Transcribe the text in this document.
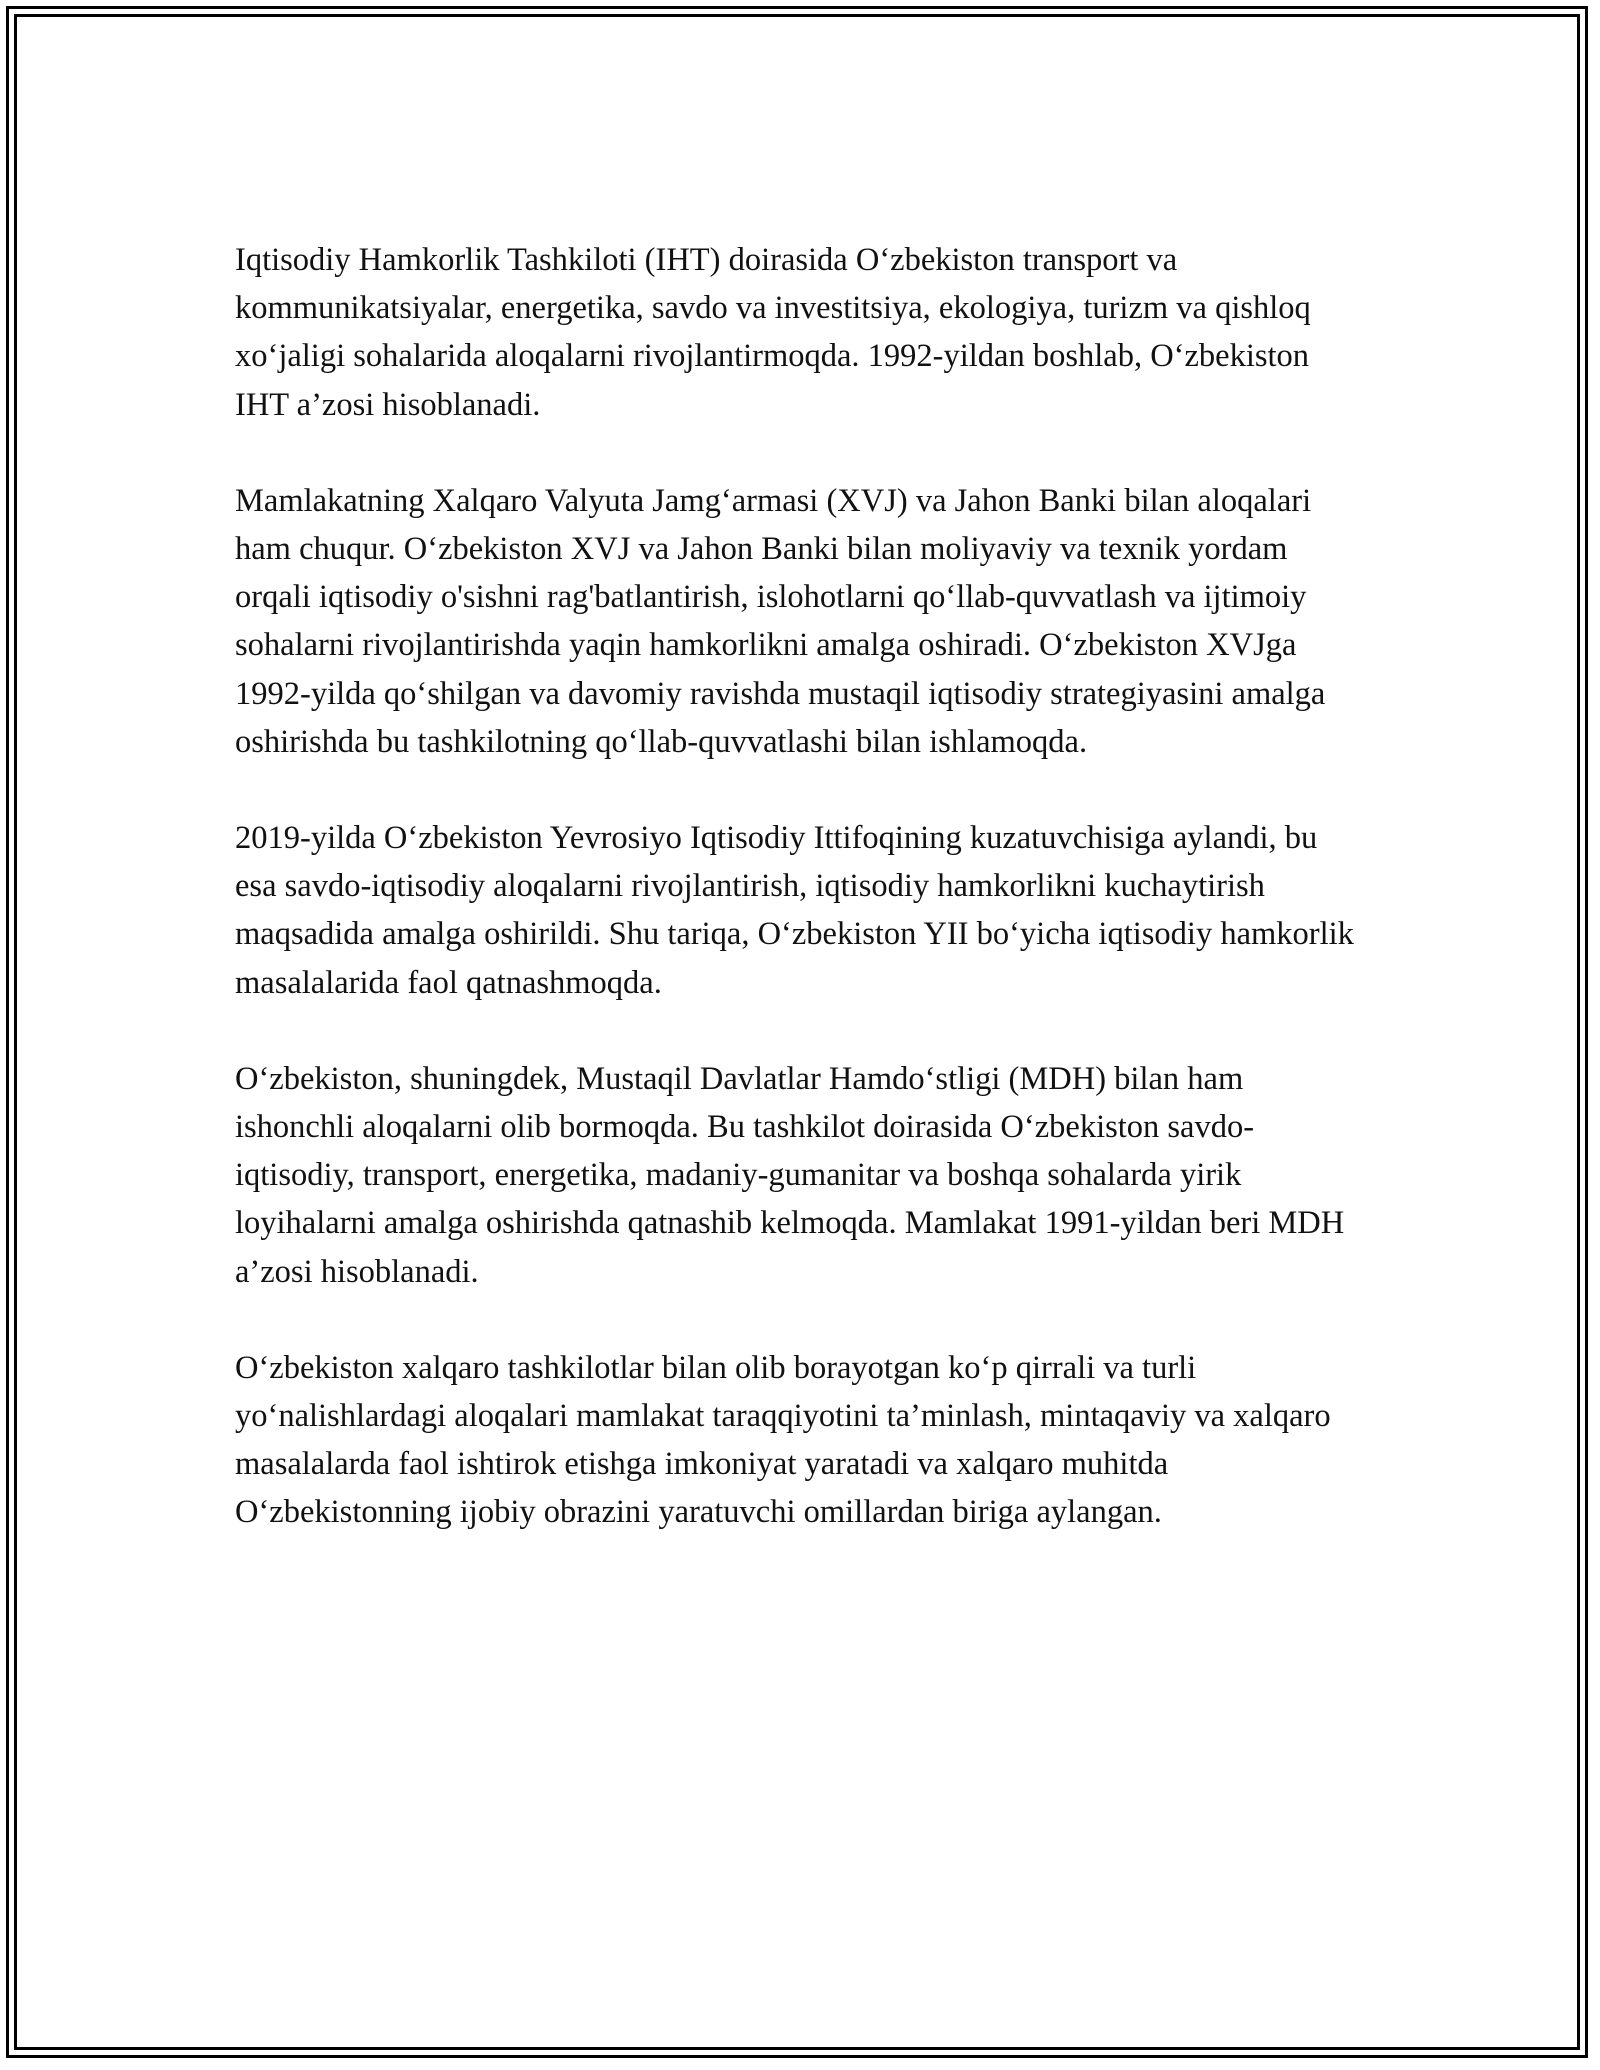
Iqtisodiy Hamkorlik Tashkiloti (IHT) doirasida O‘zbekiston transport va kommunikatsiyalar, energetika, savdo va investitsiya, ekologiya, turizm va qishloq xo‘jaligi sohalarida aloqalarni rivojlantirmoqda. 1992-yildan boshlab, O‘zbekiston IHT a’zosi hisoblanadi.

Mamlakatning Xalqaro Valyuta Jamg‘armasi (XVJ) va Jahon Banki bilan aloqalari ham chuqur. O‘zbekiston XVJ va Jahon Banki bilan moliyaviy va texnik yordam orqali iqtisodiy o'sishni rag'batlantirish, islohotlarni qo‘llab-quvvatlash va ijtimoiy sohalarni rivojlantirishda yaqin hamkorlikni amalga oshiradi. O‘zbekiston XVJga 1992-yilda qo‘shilgan va davomiy ravishda mustaqil iqtisodiy strategiyasini amalga oshirishda bu tashkilotning qo‘llab-quvvatlashi bilan ishlamoqda.

2019-yilda O‘zbekiston Yevrosiyo Iqtisodiy Ittifoqining kuzatuvchisiga aylandi, bu esa savdo-iqtisodiy aloqalarni rivojlantirish, iqtisodiy hamkorlikni kuchaytirish maqsadida amalga oshirildi. Shu tariqa, O‘zbekiston YII bo‘yicha iqtisodiy hamkorlik masalalarida faol qatnashmoqda.

O‘zbekiston, shuningdek, Mustaqil Davlatlar Hamdo‘stligi (MDH) bilan ham ishonchli aloqalarni olib bormoqda. Bu tashkilot doirasida O‘zbekiston savdo-iqtisodiy, transport, energetika, madaniy-gumanitar va boshqa sohalarda yirik loyihalarni amalga oshirishda qatnashib kelmoqda. Mamlakat 1991-yildan beri MDH a’zosi hisoblanadi.

O‘zbekiston xalqaro tashkilotlar bilan olib borayotgan ko‘p qirrali va turli yo‘nalishlardagi aloqalari mamlakat taraqqiyotini ta’minlash, mintaqaviy va xalqaro masalalarda faol ishtirok etishga imkoniyat yaratadi va xalqaro muhitda O‘zbekistonning ijobiy obrazini yaratuvchi omillardan biriga aylangan.
